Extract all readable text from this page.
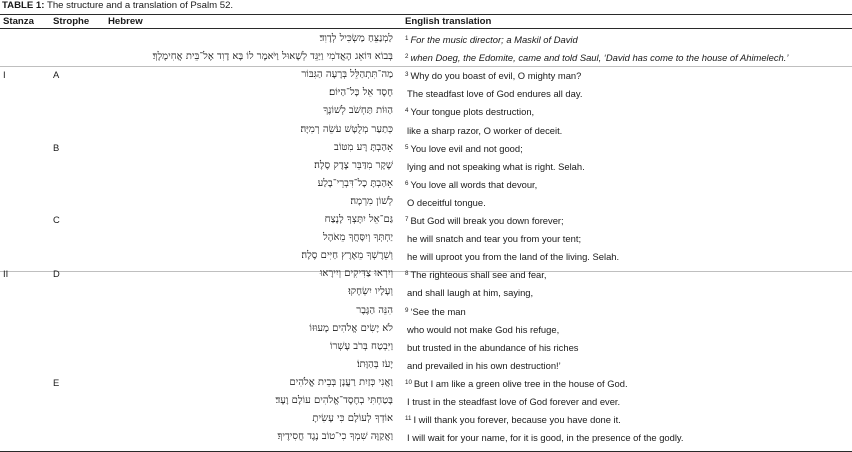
TABLE 1: The structure and a translation of Psalm 52.
Stanza Strophe Hebrew	English translation
לַמְנַצֵּחַ מַשְׂכִּיל לְדָוִד׃ $^1$ For the music director; a Maskil of David
בְּבוֹא דּוֹאֵג הָאֲדֹמִי וַיַּגֵּד לְשָׁאוּל וַיֹּאמֶר לוֹ בָּא דָוִד אֶל־בֵּית אֲחִימֶלֶךְ׃ $^2$ when Doeg, the Edomite, came and told Saul, ‘David has come to the house of Ahimelech.’
I	A	מַה־תִּתְהַלֵּל בְּרָעָה הַגִּבּוֹר $^3$ Why do you boast of evil, O mighty man?
חֶסֶד אֵל כָּל־הַיּוֹם׃ The steadfast love of God endures all day.
הַוּוֹת תַּחְשֹׁב לְשׁוֹנֶךָ $^4$ Your tongue plots destruction,
כְּתַעַר מְלֻטָּשׁ עֹשֵׂה רְמִיָּה׃ like a sharp razor, O worker of deceit.
B	אָהַבְתָּ רָּע מִטּוֹב $^5$ You love evil and not good;
שֶׁקֶר מִדַּבֵּר צֶדֶק סֶלָה׃ lying and not speaking what is right. Selah.
אָהַבְתָּ כָל־דִּבְרֵי־בָלַע $^6$ You love all words that devour,
לְשׁוֹן מִרְמָה׃ O deceitful tongue.
C	גַּם־אֵל יִתָּצְךָ לָנֶצַח $^7$ But God will break you down forever;
יַחְתְּךָ וְיִסָּחֲךָ מֵאֹהֶל he will snatch and tear you from your tent;
וְשֵׁרֶשְׁךָ מֵאֶרֶץ חַיִּים סֶלָה׃ he will uproot you from the land of the living. Selah.
II	D	וְיִרְאוּ צַדִּיקִים וְיִירָאוּ $^8$ The righteous shall see and fear,
וְעָלָיו יִשְׂחָקוּ׃ and shall laugh at him, saying,
הִנֵּה הַגֶּבֶר $^9$ ‘See the man
לֹא יָשִׂים אֱלֹהִים מָעוּזּוֹ who would not make God his refuge,
וַיִּבְטַח בְּרֹב עָשְׁרוֹ but trusted in the abundance of his riches
יָעֹז בְּהַוָּתוֹ׃ and prevailed in his own destruction!’
E	וַאֲנִי כְּזַיִת רַעֲנָן בְּבֵית אֱלֹהִים $^{10}$ But I am like a green olive tree in the house of God.
בָּטַחְתִּי בְחֶסֶד־אֱלֹהִים עוֹלָם וָעֶד׃ I trust in the steadfast love of God forever and ever.
אוֹדְךָ לְעוֹלָם כִּי עָשִׂיתָ $^{11}$ I will thank you forever, because you have done it.
וַאֲקַוֶּה שִׁמְךָ כִי־טוֹב נֶגֶד חֲסִידֶיךָ׃ I will wait for your name, for it is good, in the presence of the godly.
